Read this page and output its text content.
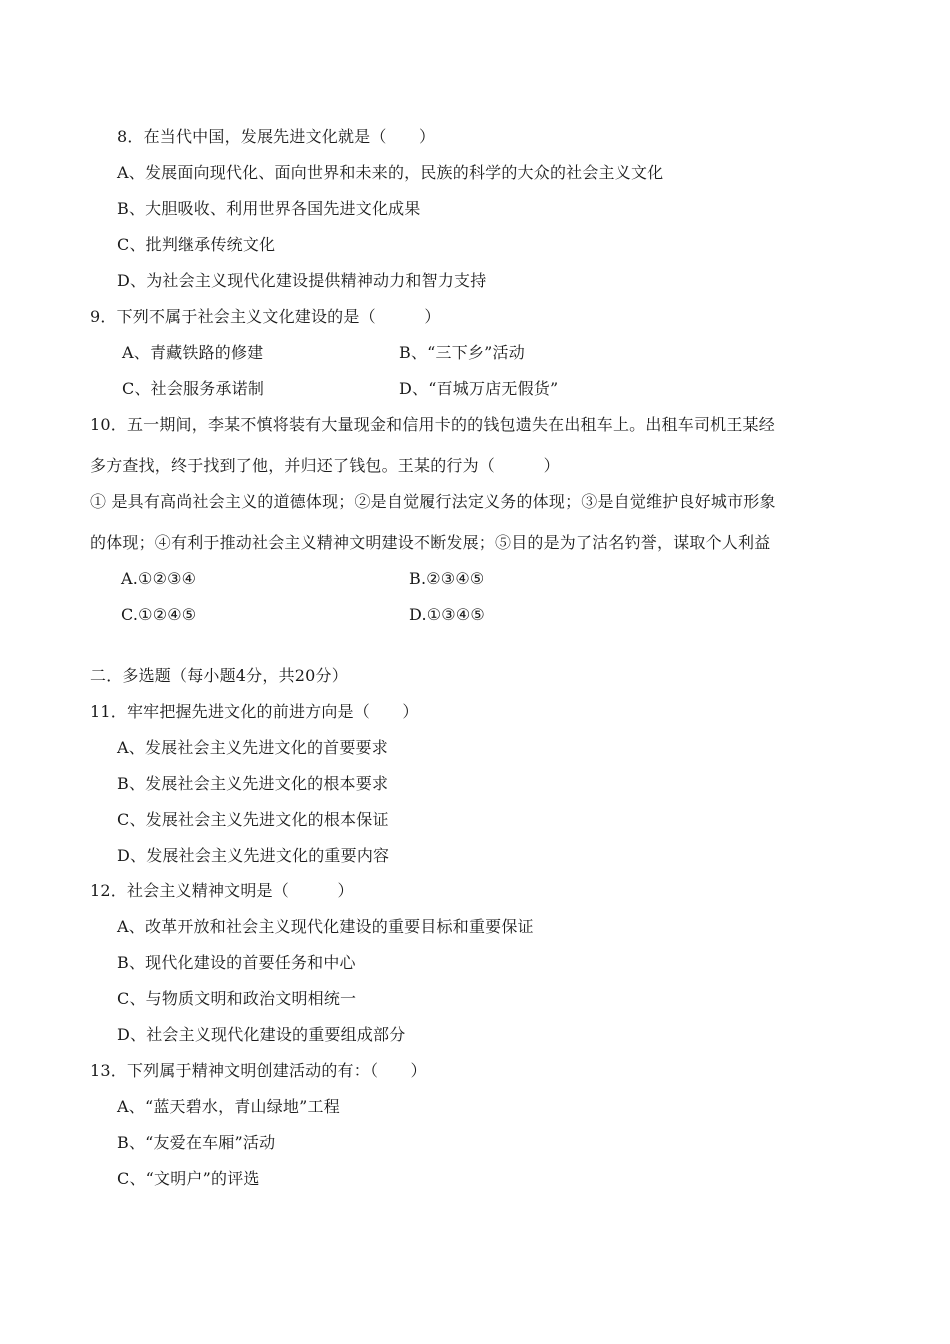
8．在当代中国，发展先进文化就是（　　）
A、发展面向现代化、面向世界和未来的，民族的科学的大众的社会主义文化
B、大胆吸收、利用世界各国先进文化成果
C、批判继承传统文化
D、为社会主义现代化建设提供精神动力和智力支持
9．下列不属于社会主义文化建设的是（　　　）
A、青藏铁路的修建	B、“三下乡”活动
C、社会服务承诺制	D、“百城万店无假货”
10．五一期间，李某不慎将装有大量现金和信用卡的的钱包遗失在出租车上。出租车司机王某经
多方查找，终于找到了他，并归还了钱包。王某的行为（　　　）
① 是具有高尚社会主义的道德体现；②是自觉履行法定义务的体现；③是自觉维护良好城市形象
的体现；④有利于推动社会主义精神文明建设不断发展；⑤目的是为了沽名钓誉，谋取个人利益
A.①②③④	B.②③④⑤
C.①②④⑤	D.①③④⑤
二．多选题（每小题4分，共20分）
11．牢牢把握先进文化的前进方向是（　　）
A、发展社会主义先进文化的首要要求
B、发展社会主义先进文化的根本要求
C、发展社会主义先进文化的根本保证
D、发展社会主义先进文化的重要内容
12．社会主义精神文明是（　　　）
A、改革开放和社会主义现代化建设的重要目标和重要保证
B、现代化建设的首要任务和中心
C、与物质文明和政治文明相统一
D、社会主义现代化建设的重要组成部分
13．下列属于精神文明创建活动的有：（　　）
A、“蓝天碧水，青山绿地”工程
B、“友爱在车厢”活动
C、“文明户”的评选
